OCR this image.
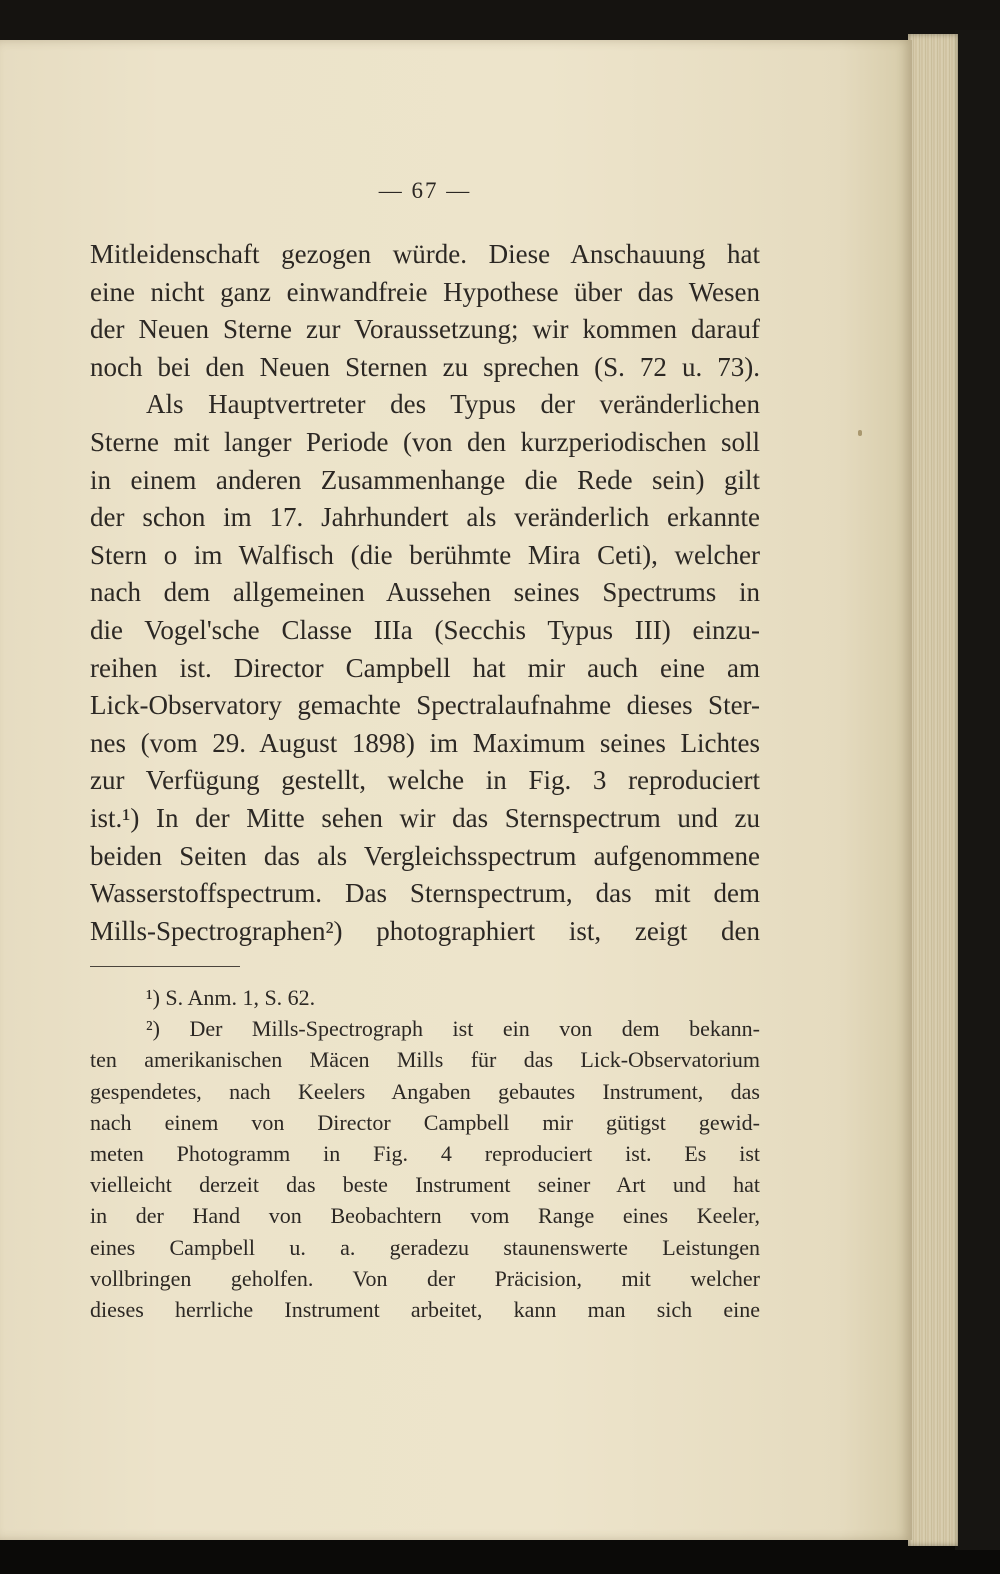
— 67 —
Mitleidenschaft gezogen würde. Diese Anschauung hat
eine nicht ganz einwandfreie Hypothese über das Wesen
der Neuen Sterne zur Voraussetzung; wir kommen darauf
noch bei den Neuen Sternen zu sprechen (S. 72 u. 73).
Als Hauptvertreter des Typus der veränderlichen
Sterne mit langer Periode (von den kurzperiodischen soll
in einem anderen Zusammenhange die Rede sein) gilt
der schon im 17. Jahrhundert als veränderlich erkannte
Stern o im Walfisch (die berühmte Mira Ceti), welcher
nach dem allgemeinen Aussehen seines Spectrums in
die Vogel'sche Classe IIIa (Secchis Typus III) einzu-
reihen ist. Director Campbell hat mir auch eine am
Lick-Observatory gemachte Spectralaufnahme dieses Ster-
nes (vom 29. August 1898) im Maximum seines Lichtes
zur Verfügung gestellt, welche in Fig. 3 reproduciert
ist.¹) In der Mitte sehen wir das Sternspectrum und zu
beiden Seiten das als Vergleichsspectrum aufgenommene
Wasserstoffspectrum. Das Sternspectrum, das mit dem
Mills-Spectrographen²) photographiert ist, zeigt den
¹) S. Anm. 1, S. 62.
²) Der Mills-Spectrograph ist ein von dem bekann-
ten amerikanischen Mäcen Mills für das Lick-Observatorium
gespendetes, nach Keelers Angaben gebautes Instrument, das
nach einem von Director Campbell mir gütigst gewid-
meten Photogramm in Fig. 4 reproduciert ist. Es ist
vielleicht derzeit das beste Instrument seiner Art und hat
in der Hand von Beobachtern vom Range eines Keeler,
eines Campbell u. a. geradezu staunenswerte Leistungen
vollbringen geholfen. Von der Präcision, mit welcher
dieses herrliche Instrument arbeitet, kann man sich eine
